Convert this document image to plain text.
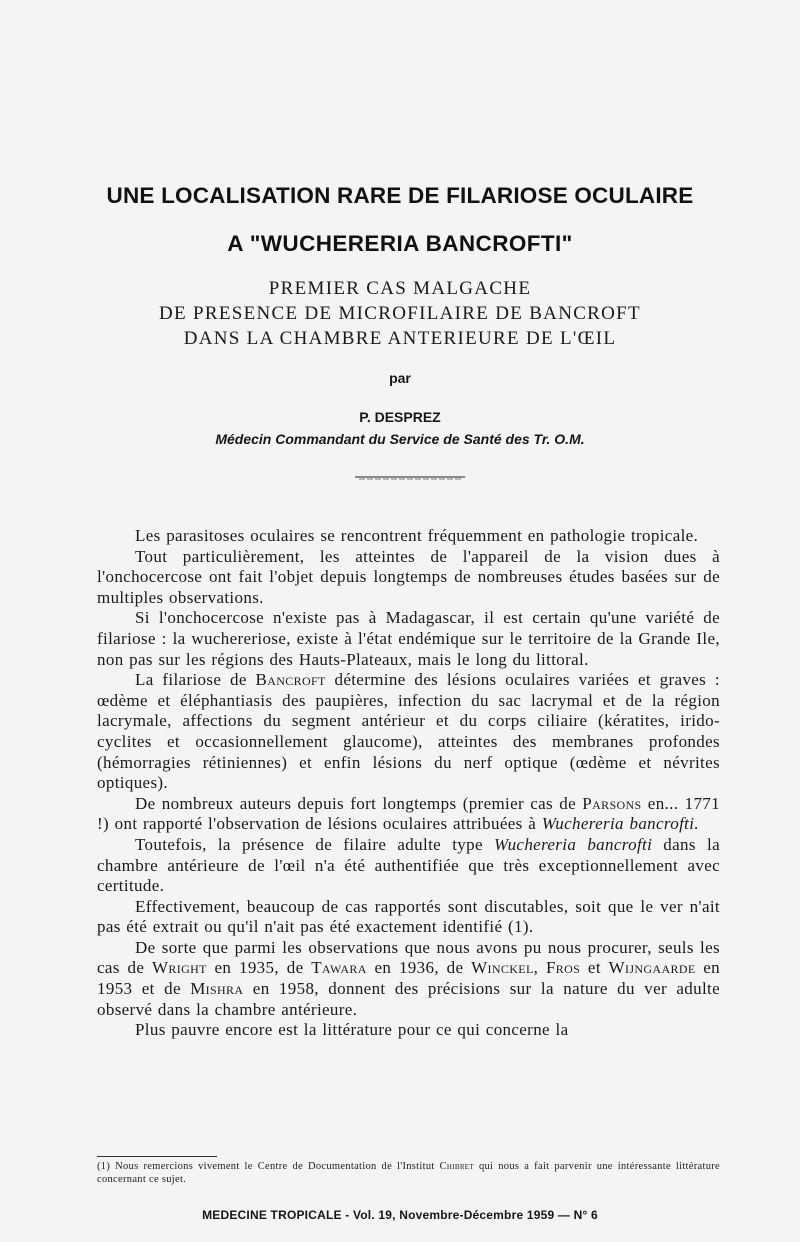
UNE LOCALISATION RARE DE FILARIOSE OCULAIRE
A "WUCHERERIA BANCROFTI"
PREMIER CAS MALGACHE
DE PRESENCE DE MICROFILAIRE DE BANCROFT
DANS LA CHAMBRE ANTERIEURE DE L'ŒIL
par
P. DESPREZ
Médecin Commandant du Service de Santé des Tr. O.M.

Les parasitoses oculaires se rencontrent fréquemment en pathologie tropicale.

Tout particulièrement, les atteintes de l'appareil de la vision dues à l'onchocercose ont fait l'objet depuis longtemps de nombreuses études basées sur de multiples observations.

Si l'onchocercose n'existe pas à Madagascar, il est certain qu'une variété de filariose : la wuchereriose, existe à l'état endémique sur le territoire de la Grande Ile, non pas sur les régions des Hauts-Plateaux, mais le long du littoral.

La filariose de Bancroft détermine des lésions oculaires variées et graves : œdème et éléphantiasis des paupières, infection du sac lacrymal et de la région lacrymale, affections du segment antérieur et du corps ciliaire (kératites, irido-cyclites et occasionnellement glaucome), atteintes des membranes profondes (hémorragies rétiniennes) et enfin lésions du nerf optique (œdème et névrites optiques).

De nombreux auteurs depuis fort longtemps (premier cas de Parsons en... 1771 !) ont rapporté l'observation de lésions oculaires attribuées à Wuchereria bancrofti.

Toutefois, la présence de filaire adulte type Wuchereria bancrofti dans la chambre antérieure de l'œil n'a été authentifiée que très exceptionnellement avec certitude.

Effectivement, beaucoup de cas rapportés sont discutables, soit que le ver n'ait pas été extrait ou qu'il n'ait pas été exactement identifié (1).

De sorte que parmi les observations que nous avons pu nous procurer, seuls les cas de Wright en 1935, de Tawara en 1936, de Winckel, Fros et Wijngaarde en 1953 et de Mishra en 1958, donnent des précisions sur la nature du ver adulte observé dans la chambre antérieure.

Plus pauvre encore est la littérature pour ce qui concerne la

(1) Nous remercions vivement le Centre de Documentation de l'Institut Chibret qui nous a fait parvenir une intéressante littérature concernant ce sujet.
MEDECINE TROPICALE - Vol. 19, Novembre-Décembre 1959 — N° 6
